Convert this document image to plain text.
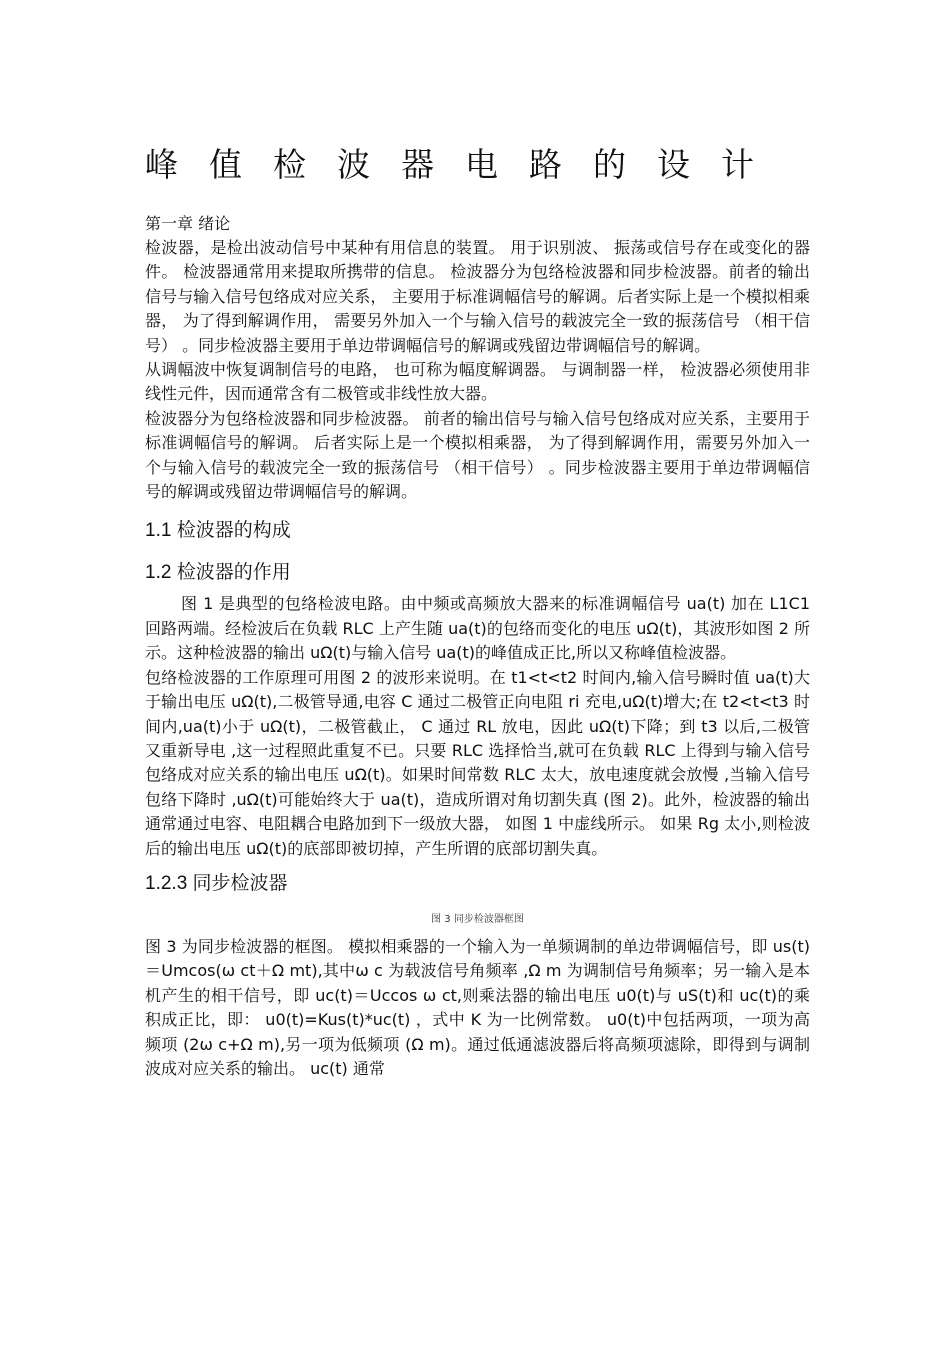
峰值检波器电路的设计

第一章 绪论

检波器，是检出波动信号中某种有用信息的装置。 用于识别波、 振荡或信号存在或变化的器件。 检波器通常用来提取所携带的信息。 检波器分为包络检波器和同步检波器。前者的输出信号与输入信号包络成对应关系， 主要用于标准调幅信号的解调。后者实际上是一个模拟相乘器， 为了得到解调作用， 需要另外加入一个与输入信号的载波完全一致的振荡信号 （相干信号） 。同步检波器主要用于单边带调幅信号的解调或残留边带调幅信号的解调。

从调幅波中恢复调制信号的电路， 也可称为幅度解调器。 与调制器一样， 检波器必须使用非线性元件，因而通常含有二极管或非线性放大器。

检波器分为包络检波器和同步检波器。 前者的输出信号与输入信号包络成对应关系，主要用于标准调幅信号的解调。 后者实际上是一个模拟相乘器， 为了得到解调作用，需要另外加入一个与输入信号的载波完全一致的振荡信号 （相干信号） 。同步检波器主要用于单边带调幅信号的解调或残留边带调幅信号的解调。

1.1 检波器的构成

1.2 检波器的作用

图 1 是典型的包络检波电路。由中频或高频放大器来的标准调幅信号 ua(t) 加在 L1C1 回路两端。经检波后在负载 RLC 上产生随 ua(t)的包络而变化的电压 uΩ(t)，其波形如图 2 所示。这种检波器的输出 uΩ(t)与输入信号 ua(t)的峰值成正比,所以又称峰值检波器。

包络检波器的工作原理可用图 2 的波形来说明。在 t1<t<t2 时间内,输入信号瞬时值 ua(t)大于输出电压 uΩ(t),二极管导通,电容 C 通过二极管正向电阻 ri 充电,uΩ(t)增大;在 t2<t<t3 时间内,ua(t)小于 uΩ(t)，二极管截止， C 通过 RL 放电，因此 uΩ(t)下降；到 t3 以后,二极管又重新导电 ,这一过程照此重复不已。只要 RLC 选择恰当,就可在负载 RLC 上得到与输入信号包络成对应关系的输出电压 uΩ(t)。如果时间常数 RLC 太大，放电速度就会放慢 ,当输入信号包络下降时 ,uΩ(t)可能始终大于 ua(t)，造成所谓对角切割失真 (图 2)。此外，检波器的输出通常通过电容、电阻耦合电路加到下一级放大器， 如图 1 中虚线所示。 如果 Rg 太小,则检波后的输出电压 uΩ(t)的底部即被切掉，产生所谓的底部切割失真。

1.2.3 同步检波器

图 3 同步检波器框图

图 3 为同步检波器的框图。 模拟相乘器的一个输入为一单频调制的单边带调幅信号，即 us(t)＝Umcos(ω ct＋Ω mt),其中ω c 为载波信号角频率 ,Ω m 为调制信号角频率；另一输入是本机产生的相干信号，即 uc(t)＝Uccos ω ct,则乘法器的输出电压 u0(t)与 uS(t)和 uc(t)的乘积成正比，即： u0(t)=Kus(t)*uc(t) ，式中 K 为一比例常数。 u0(t)中包括两项，一项为高频项 (2ω c+Ω m),另一项为低频项 (Ω m)。通过低通滤波器后将高频项滤除，即得到与调制波成对应关系的输出。 uc(t) 通常
